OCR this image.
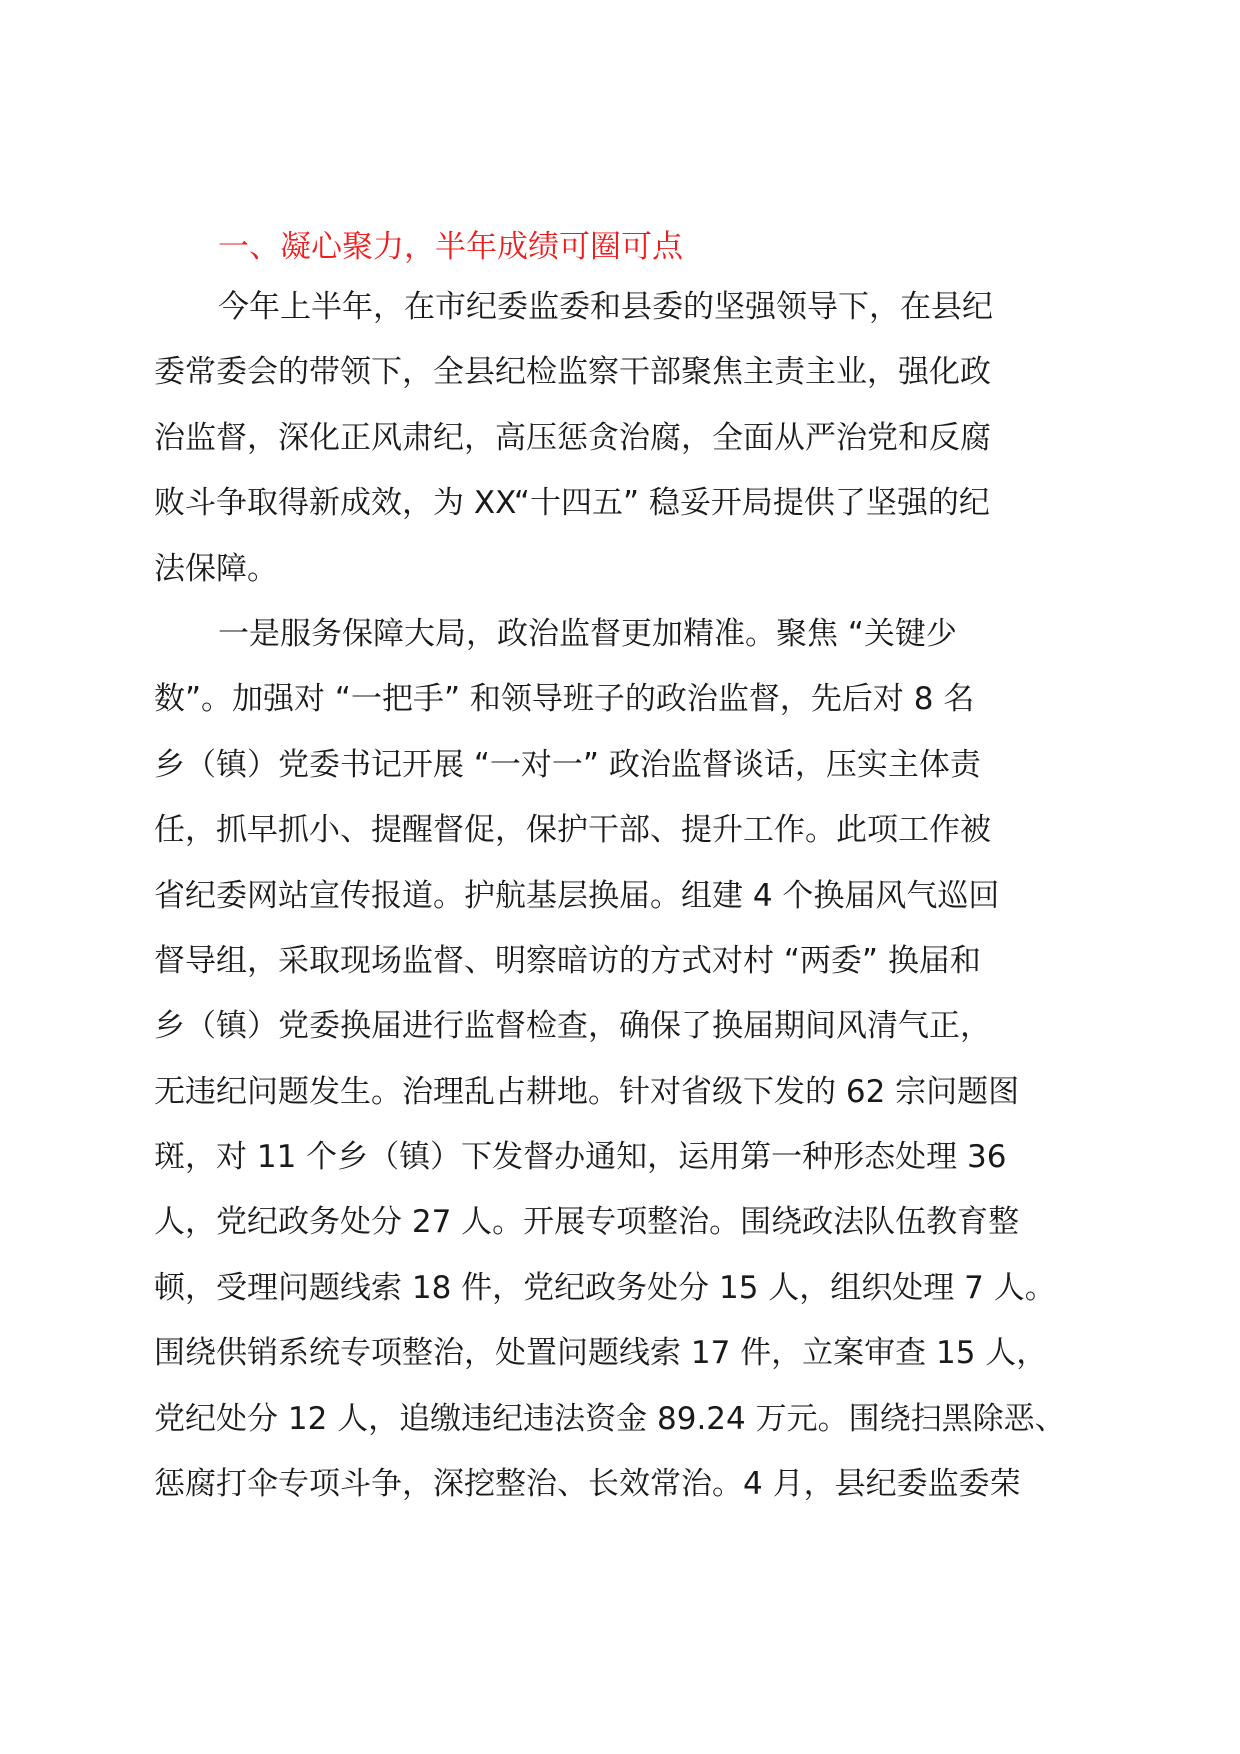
一、凝心聚力，半年成绩可圈可点

今年上半年，在市纪委监委和县委的坚强领导下，在县纪
委常委会的带领下，全县纪检监察干部聚焦主责主业，强化政
治监督，深化正风肃纪，高压惩贪治腐，全面从严治党和反腐
败斗争取得新成效，为 XX“十四五” 稳妥开局提供了坚强的纪
法保障。

一是服务保障大局，政治监督更加精准。聚焦 “关键少
数”。加强对 “一把手” 和领导班子的政治监督，先后对 8 名
乡（镇）党委书记开展 “一对一” 政治监督谈话，压实主体责
任，抓早抓小、提醒督促，保护干部、提升工作。此项工作被
省纪委网站宣传报道。护航基层换届。组建 4 个换届风气巡回
督导组，采取现场监督、明察暗访的方式对村 “两委” 换届和
乡（镇）党委换届进行监督检查，确保了换届期间风清气正，
无违纪问题发生。治理乱占耕地。针对省级下发的 62 宗问题图
斑，对 11 个乡（镇）下发督办通知，运用第一种形态处理 36
人，党纪政务处分 27 人。开展专项整治。围绕政法队伍教育整
顿，受理问题线索 18 件，党纪政务处分 15 人，组织处理 7 人。
围绕供销系统专项整治，处置问题线索 17 件，立案审查 15 人，
党纪处分 12 人，追缴违纪违法资金 89.24 万元。围绕扫黑除恶、
惩腐打伞专项斗争，深挖整治、长效常治。4 月，县纪委监委荣
